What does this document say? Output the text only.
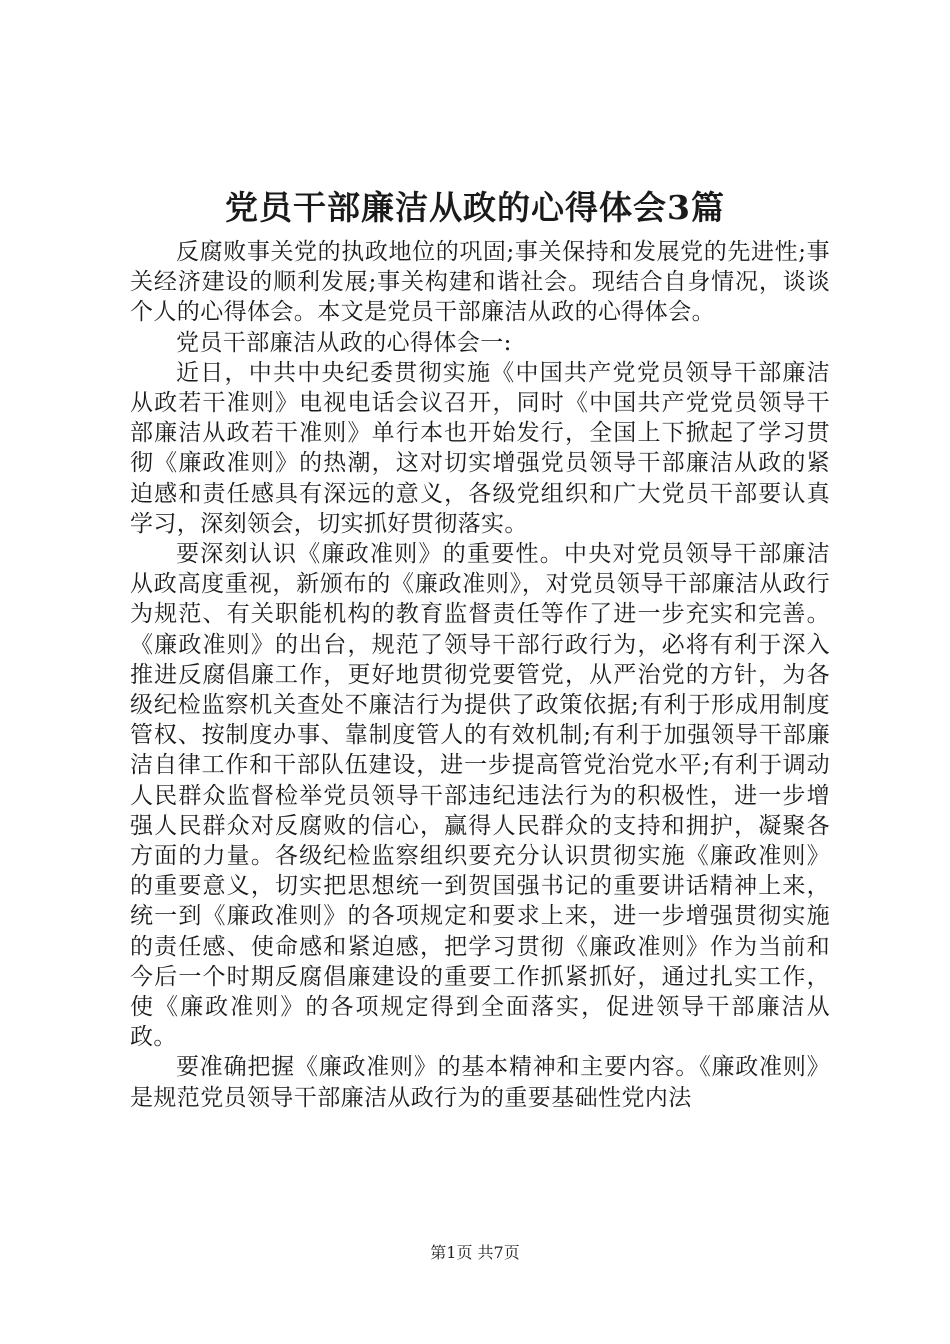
党员干部廉洁从政的心得体会3篇

反腐败事关党的执政地位的巩固;事关保持和发展党的先进性;事关经济建设的顺利发展;事关构建和谐社会。现结合自身情况，谈谈个人的心得体会。本文是党员干部廉洁从政的心得体会。

党员干部廉洁从政的心得体会一:

近日，中共中央纪委贯彻实施《中国共产党党员领导干部廉洁从政若干准则》电视电话会议召开，同时《中国共产党党员领导干部廉洁从政若干准则》单行本也开始发行，全国上下掀起了学习贯彻《廉政准则》的热潮，这对切实增强党员领导干部廉洁从政的紧迫感和责任感具有深远的意义，各级党组织和广大党员干部要认真学习，深刻领会，切实抓好贯彻落实。

要深刻认识《廉政准则》的重要性。中央对党员领导干部廉洁从政高度重视，新颁布的《廉政准则》，对党员领导干部廉洁从政行为规范、有关职能机构的教育监督责任等作了进一步充实和完善。《廉政准则》的出台，规范了领导干部行政行为，必将有利于深入推进反腐倡廉工作，更好地贯彻党要管党，从严治党的方针，为各级纪检监察机关查处不廉洁行为提供了政策依据;有利于形成用制度管权、按制度办事、靠制度管人的有效机制;有利于加强领导干部廉洁自律工作和干部队伍建设，进一步提高管党治党水平;有利于调动人民群众监督检举党员领导干部违纪违法行为的积极性，进一步增强人民群众对反腐败的信心，赢得人民群众的支持和拥护，凝聚各方面的力量。各级纪检监察组织要充分认识贯彻实施《廉政准则》的重要意义，切实把思想统一到贺国强书记的重要讲话精神上来，统一到《廉政准则》的各项规定和要求上来，进一步增强贯彻实施的责任感、使命感和紧迫感，把学习贯彻《廉政准则》作为当前和今后一个时期反腐倡廉建设的重要工作抓紧抓好，通过扎实工作，使《廉政准则》的各项规定得到全面落实，促进领导干部廉洁从政。

要准确把握《廉政准则》的基本精神和主要内容。《廉政准则》是规范党员领导干部廉洁从政行为的重要基础性党内法

第1页 共7页
